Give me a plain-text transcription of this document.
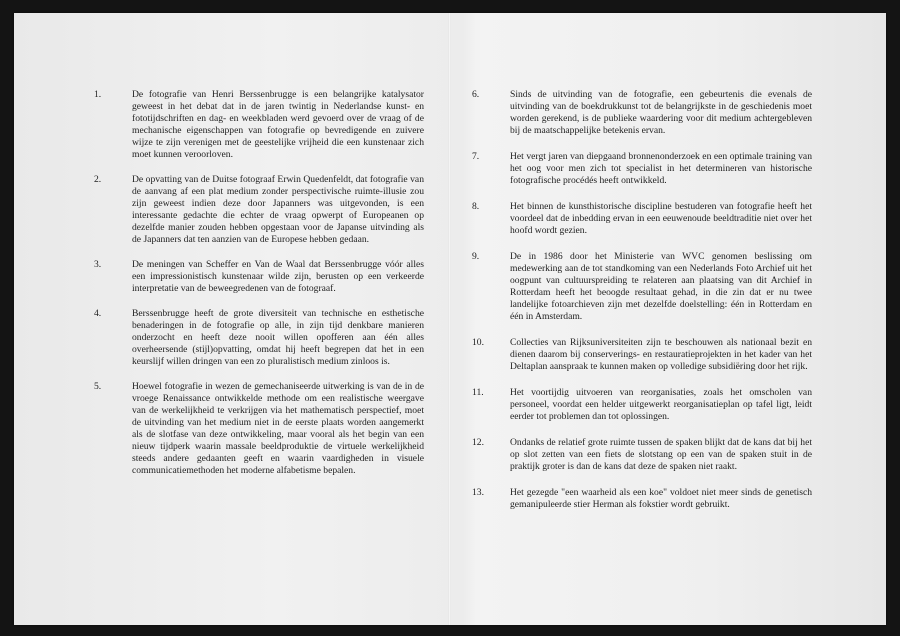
1.	De fotografie van Henri Berssenbrugge is een belangrijke katalysator geweest in het debat dat in de jaren twintig in Nederlandse kunst- en fototijdschriften en dag- en weekbladen werd gevoerd over de vraag of de mechanische eigenschappen van fotografie op bevredigende en zuivere wijze te zijn verenigen met de geestelijke vrijheid die een kunstenaar zich moet kunnen veroorloven.
2.	De opvatting van de Duitse fotograaf Erwin Quedenfeldt, dat fotografie van de aanvang af een plat medium zonder perspectivische ruimte-illusie zou zijn geweest indien deze door Japanners was uitgevonden, is een interessante gedachte die echter de vraag opwerpt of Europeanen op dezelfde manier zouden hebben opgestaan voor de Japanse uitvinding als de Japanners dat ten aanzien van de Europese hebben gedaan.
3.	De meningen van Scheffer en Van de Waal dat Berssenbrugge vóór alles een impressionistisch kunstenaar wilde zijn, berusten op een verkeerde interpretatie van de beweegredenen van de fotograaf.
4.	Berssenbrugge heeft de grote diversiteit van technische en esthetische benaderingen in de fotografie op alle, in zijn tijd denkbare manieren onderzocht en heeft deze nooit willen opofferen aan één alles overheersende (stijl)opvatting, omdat hij heeft begrepen dat het in een keurslijf willen dringen van een zo pluralistisch medium zinloos is.
5.	Hoewel fotografie in wezen de gemechaniseerde uitwerking is van de in de vroege Renaissance ontwikkelde methode om een realistische weergave van de werkelijkheid te verkrijgen via het mathematisch perspectief, moet de uitvinding van het medium niet in de eerste plaats worden aangemerkt als de slotfase van deze ontwikkeling, maar vooral als het begin van een nieuw tijdperk waarin massale beeldproduktie de virtuele werkelijkheid steeds andere gedaanten geeft en waarin vaardigheden in visuele communicatiemethoden het moderne alfabetisme bepalen.
6.	Sinds de uitvinding van de fotografie, een gebeurtenis die evenals de uitvinding van de boekdrukkunst tot de belangrijkste in de geschiedenis moet worden gerekend, is de publieke waardering voor dit medium achtergebleven bij de maatschappelijke betekenis ervan.
7.	Het vergt jaren van diepgaand bronnenonderzoek en een optimale training van het oog voor men zich tot specialist in het determineren van historische fotografische procédés heeft ontwikkeld.
8.	Het binnen de kunsthistorische discipline bestuderen van fotografie heeft het voordeel dat de inbedding ervan in een eeuwenoude beeldtraditie niet over het hoofd wordt gezien.
9.	De in 1986 door het Ministerie van WVC genomen beslissing om medewerking aan de tot standkoming van een Nederlands Foto Archief uit het oogpunt van cultuurspreiding te relateren aan plaatsing van dit Archief in Rotterdam heeft het beoogde resultaat gehad, in die zin dat er nu twee landelijke fotoarchieven zijn met dezelfde doelstelling: één in Rotterdam en één in Amsterdam.
10.	Collecties van Rijksuniversiteiten zijn te beschouwen als nationaal bezit en dienen daarom bij conserverings- en restauratieprojekten in het kader van het Deltaplan aanspraak te kunnen maken op volledige subsidiëring door het rijk.
11.	Het voortijdig uitvoeren van reorganisaties, zoals het omscholen van personeel, voordat een helder uitgewerkt reorganisatieplan op tafel ligt, leidt eerder tot problemen dan tot oplossingen.
12.	Ondanks de relatief grote ruimte tussen de spaken blijkt dat de kans dat bij het op slot zetten van een fiets de slotstang op een van de spaken stuit in de praktijk groter is dan de kans dat deze de spaken niet raakt.
13.	Het gezegde "een waarheid als een koe" voldoet niet meer sinds de genetisch gemanipuleerde stier Herman als fokstier wordt gebruikt.
